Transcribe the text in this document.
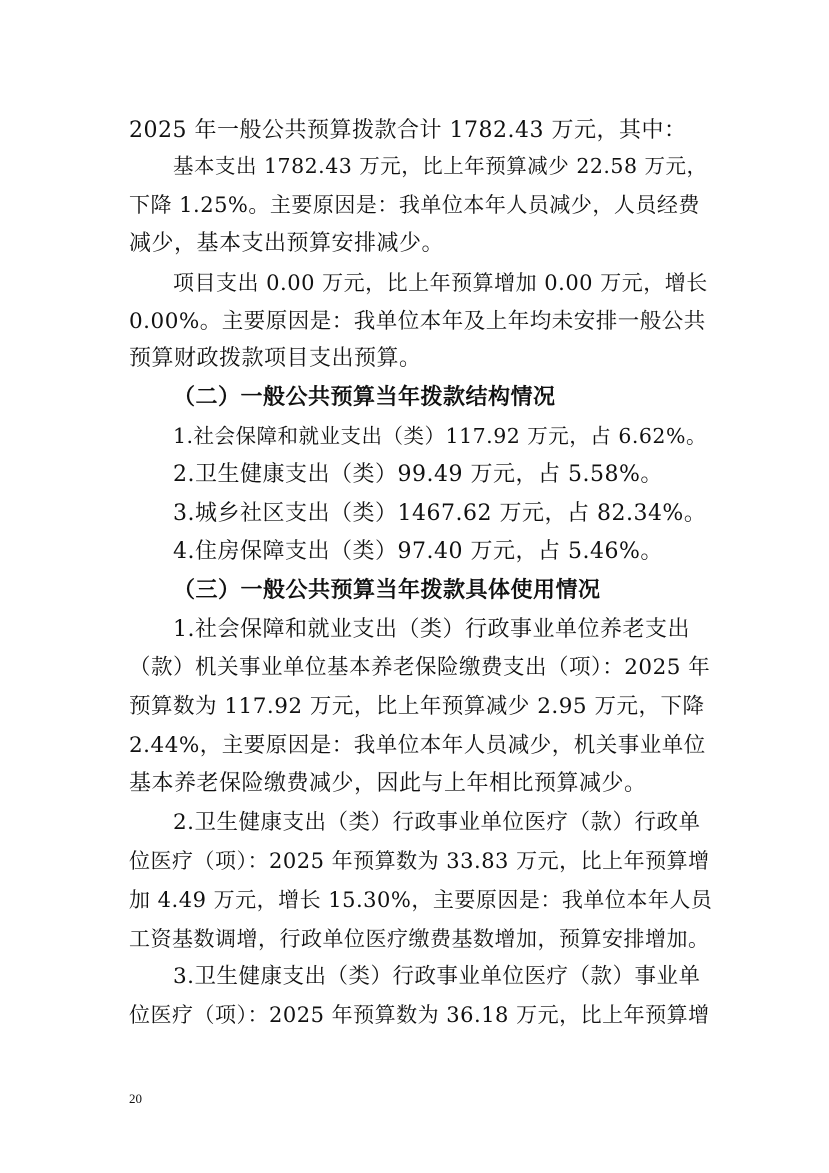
2025 年一般公共预算拨款合计 1782.43 万元，其中：
基本支出 1782.43 万元，比上年预算减少 22.58 万元，
下降 1.25%。主要原因是：我单位本年人员减少，人员经费
减少，基本支出预算安排减少。
项目支出 0.00 万元，比上年预算增加 0.00 万元，增长
0.00%。主要原因是：我单位本年及上年均未安排一般公共
预算财政拨款项目支出预算。
（二）一般公共预算当年拨款结构情况
1.社会保障和就业支出（类）117.92 万元，占 6.62%。
2.卫生健康支出（类）99.49 万元，占 5.58%。
3.城乡社区支出（类）1467.62 万元，占 82.34%。
4.住房保障支出（类）97.40 万元，占 5.46%。
（三）一般公共预算当年拨款具体使用情况
1.社会保障和就业支出（类）行政事业单位养老支出
（款）机关事业单位基本养老保险缴费支出（项）：2025 年
预算数为 117.92 万元，比上年预算减少 2.95 万元，下降
2.44%，主要原因是：我单位本年人员减少，机关事业单位
基本养老保险缴费减少，因此与上年相比预算减少。
2.卫生健康支出（类）行政事业单位医疗（款）行政单
位医疗（项）：2025 年预算数为 33.83 万元，比上年预算增
加 4.49 万元，增长 15.30%，主要原因是：我单位本年人员
工资基数调增，行政单位医疗缴费基数增加，预算安排增加。
3.卫生健康支出（类）行政事业单位医疗（款）事业单
位医疗（项）：2025 年预算数为 36.18 万元，比上年预算增
20
